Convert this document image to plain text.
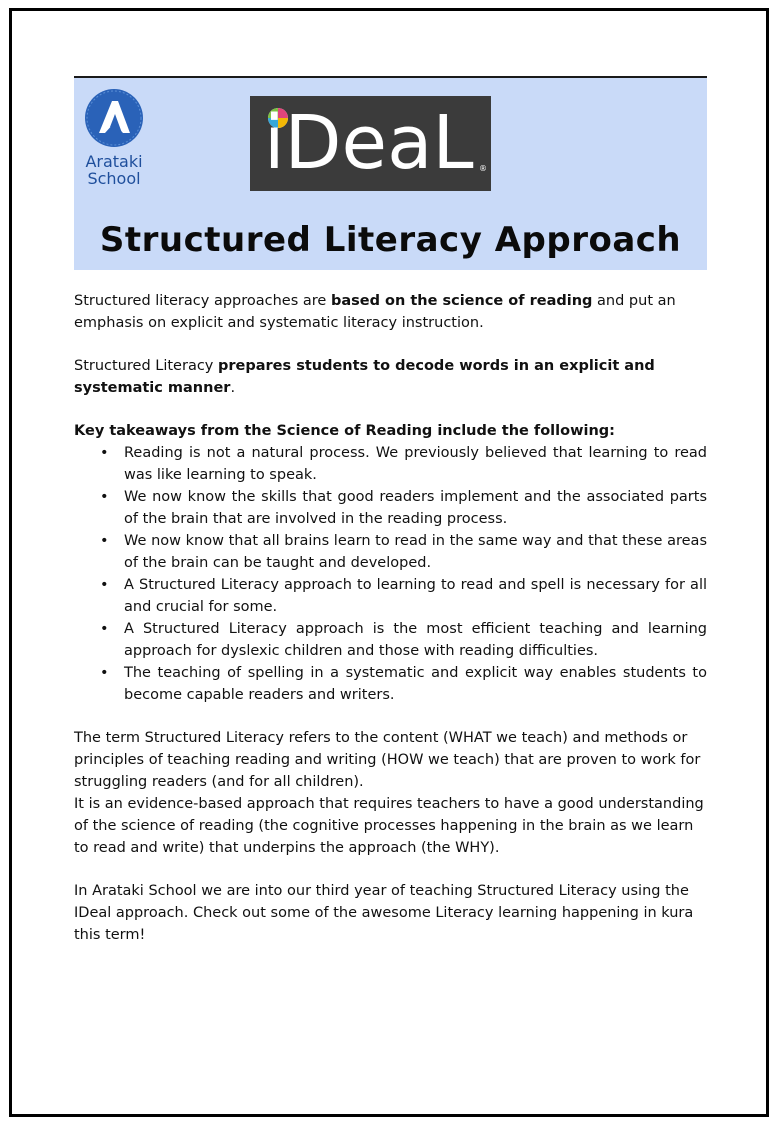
Arataki
School iDeaL ®
Structured Literacy Approach

Structured literacy approaches are based on the science of reading and put an emphasis on explicit and systematic literacy instruction.

Structured Literacy prepares students to decode words in an explicit and systematic manner.

Key takeaways from the Science of Reading include the following:

• Reading is not a natural process. We previously believed that learning to read was like learning to speak.
• We now know the skills that good readers implement and the associated parts of the brain that are involved in the reading process.
• We now know that all brains learn to read in the same way and that these areas of the brain can be taught and developed.
• A Structured Literacy approach to learning to read and spell is necessary for all and crucial for some.
• A Structured Literacy approach is the most efficient teaching and learning approach for dyslexic children and those with reading difficulties.
• The teaching of spelling in a systematic and explicit way enables students to become capable readers and writers.

The term Structured Literacy refers to the content (WHAT we teach) and methods or principles of teaching reading and writing (HOW we teach) that are proven to work for struggling readers (and for all children).

It is an evidence-based approach that requires teachers to have a good understanding of the science of reading (the cognitive processes happening in the brain as we learn to read and write) that underpins the approach (the WHY).

In Arataki School we are into our third year of teaching Structured Literacy using the IDeal approach. Check out some of the awesome Literacy learning happening in kura this term!
